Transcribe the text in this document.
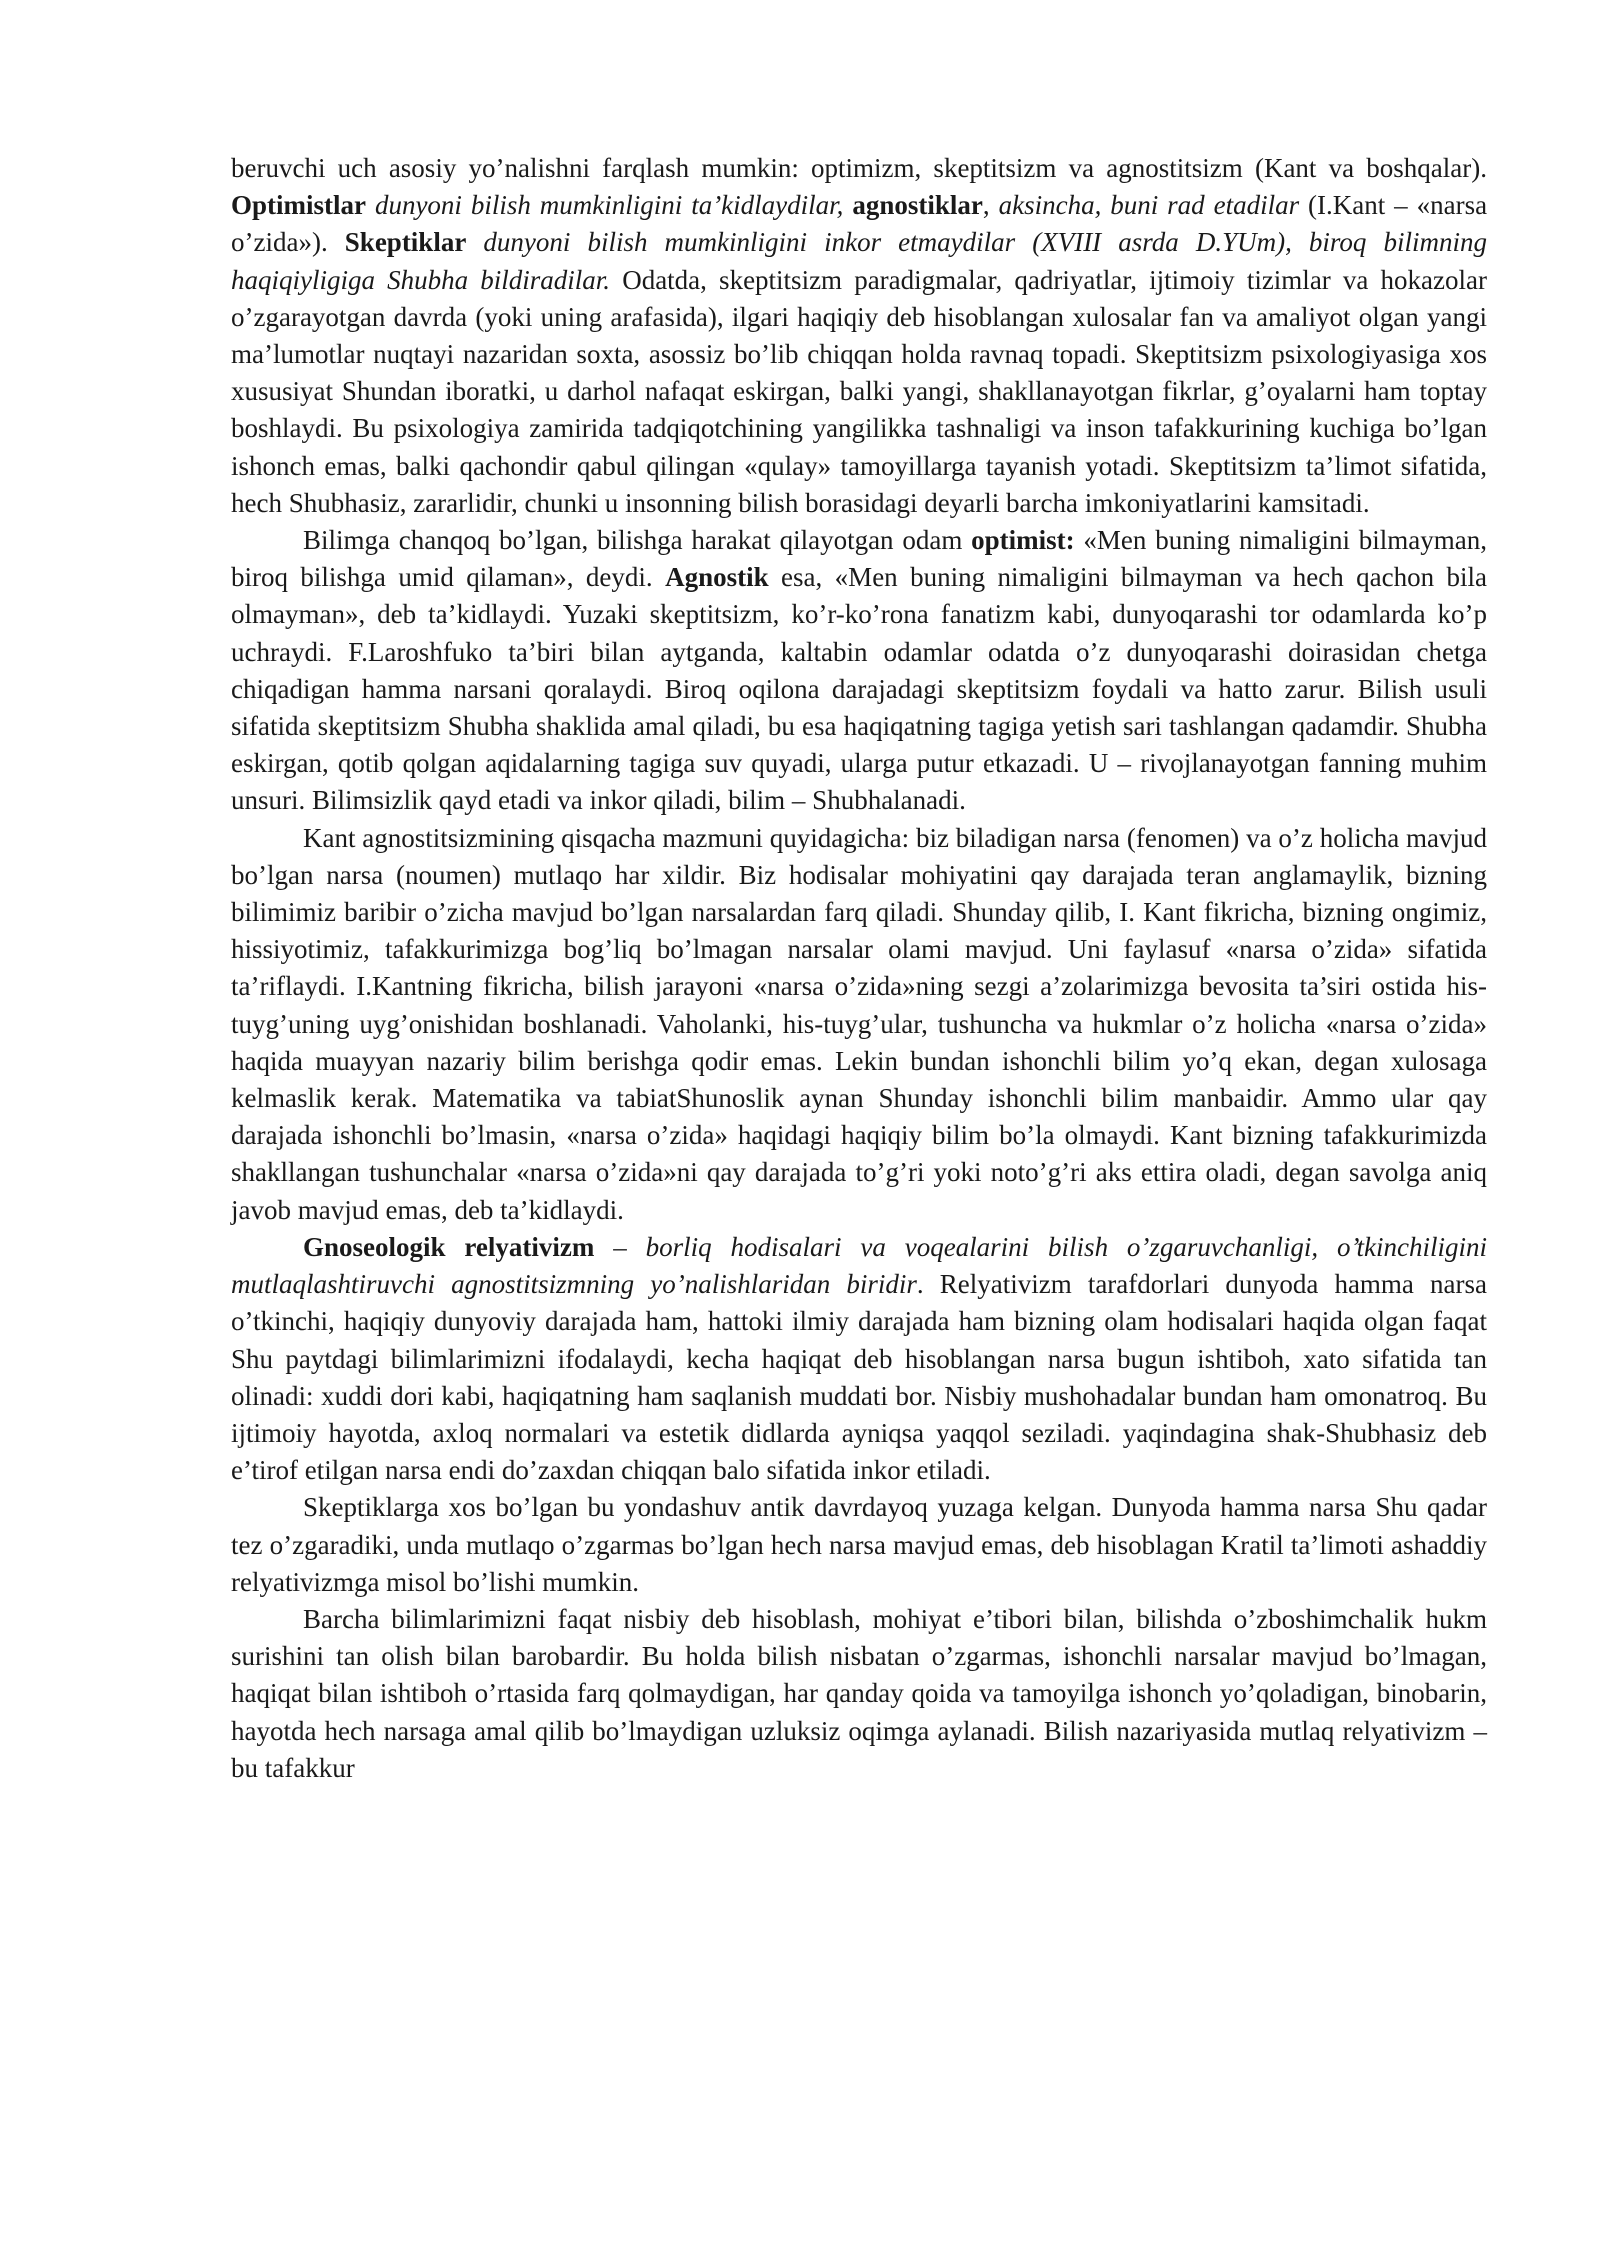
beruvchi uch asosiy yo’nalishni farqlash mumkin: optimizm, skeptitsizm va agnostitsizm (Kant va boshqalar). Optimistlar dunyoni bilish mumkinligini ta’kidlaydilar, agnostiklar, aksincha, buni rad etadilar (I.Kant – «narsa o’zida»). Skeptiklar dunyoni bilish mumkinligini inkor etmaydilar (XVIII asrda D.YUm), biroq bilimning haqiqiyligiga Shubha bildiradilar. Odatda, skeptitsizm paradigmalar, qadriyatlar, ijtimoiy tizimlar va hokazolar o’zgarayotgan davrda (yoki uning arafasida), ilgari haqiqiy deb hisoblangan xulosalar fan va amaliyot olgan yangi ma’lumotlar nuqtayi nazaridan soxta, asossiz bo’lib chiqqan holda ravnaq topadi. Skeptitsizm psixologiyasiga xos xususiyat Shundan iboratki, u darhol nafaqat eskirgan, balki yangi, shakllanayotgan fikrlar, g’oyalarni ham toptay boshlaydi. Bu psixologiya zamirida tadqiqotchining yangilikka tashnaligi va inson tafakkurining kuchiga bo’lgan ishonch emas, balki qachondir qabul qilingan «qulay» tamoyillarga tayanish yotadi. Skeptitsizm ta’limot sifatida, hech Shubhasiz, zararlidir, chunki u insonning bilish borasidagi deyarli barcha imkoniyatlarini kamsitadi.

Bilimga chanqoq bo’lgan, bilishga harakat qilayotgan odam optimist: «Men buning nimaligini bilmayman, biroq bilishga umid qilaman», deydi. Agnostik esa, «Men buning nimaligini bilmayman va hech qachon bila olmayman», deb ta’kidlaydi. Yuzaki skeptitsizm, ko’r-ko’rona fanatizm kabi, dunyoqarashi tor odamlarda ko’p uchraydi. F.Laroshfuko ta’biri bilan aytganda, kaltabin odamlar odatda o’z dunyoqarashi doirasidan chetga chiqadigan hamma narsani qoralaydi. Biroq oqilona darajadagi skeptitsizm foydali va hatto zarur. Bilish usuli sifatida skeptitsizm Shubha shaklida amal qiladi, bu esa haqiqatning tagiga yetish sari tashlangan qadamdir. Shubha eskirgan, qotib qolgan aqidalarning tagiga suv quyadi, ularga putur etkazadi. U – rivojlanayotgan fanning muhim unsuri. Bilimsizlik qayd etadi va inkor qiladi, bilim – Shubhalanadi.

Kant agnostitsizmining qisqacha mazmuni quyidagicha: biz biladigan narsa (fenomen) va o’z holicha mavjud bo’lgan narsa (noumen) mutlaqo har xildir. Biz hodisalar mohiyatini qay darajada teran anglamaylik, bizning bilimimiz baribir o’zicha mavjud bo’lgan narsalardan farq qiladi. Shunday qilib, I. Kant fikricha, bizning ongimiz, hissiyotimiz, tafakkurimizga bog’liq bo’lmagan narsalar olami mavjud. Uni faylasuf «narsa o’zida» sifatida ta’riflaydi. I.Kantning fikricha, bilish jarayoni «narsa o’zida»ning sezgi a’zolarimizga bevosita ta’siri ostida his-tuyg’uning uyg’onishidan boshlanadi. Vaholanki, his-tuyg’ular, tushuncha va hukmlar o’z holicha «narsa o’zida» haqida muayyan nazariy bilim berishga qodir emas. Lekin bundan ishonchli bilim yo’q ekan, degan xulosaga kelmaslik kerak. Matematika va tabiatShunoslik aynan Shunday ishonchli bilim manbaidir. Ammo ular qay darajada ishonchli bo’lmasin, «narsa o’zida» haqidagi haqiqiy bilim bo’la olmaydi. Kant bizning tafakkurimizda shakllangan tushunchalar «narsa o’zida»ni qay darajada to’g’ri yoki noto’g’ri aks ettira oladi, degan savolga aniq javob mavjud emas, deb ta’kidlaydi.

Gnoseologik relyativizm – borliq hodisalari va voqealarini bilish o’zgaruvchanligi, o’tkinchiligini mutlaqlashtiruvchi agnostitsizmning yo’nalishlaridan biridir. Relyativizm tarafdorlari dunyoda hamma narsa o’tkinchi, haqiqiy dunyoviy darajada ham, hattoki ilmiy darajada ham bizning olam hodisalari haqida olgan faqat Shu paytdagi bilimlarimizni ifodalaydi, kecha haqiqat deb hisoblangan narsa bugun ishtiboh, xato sifatida tan olinadi: xuddi dori kabi, haqiqatning ham saqlanish muddati bor. Nisbiy mushohadalar bundan ham omonatroq. Bu ijtimoiy hayotda, axloq normalari va estetik didlarda ayniqsa yaqqol seziladi. yaqindagina shak-Shubhasiz deb e’tirof etilgan narsa endi do’zaxdan chiqqan balo sifatida inkor etiladi.

Skeptiklarga xos bo’lgan bu yondashuv antik davrdayoq yuzaga kelgan. Dunyoda hamma narsa Shu qadar tez o’zgaradiki, unda mutlaqo o’zgarmas bo’lgan hech narsa mavjud emas, deb hisoblagan Kratil ta’limoti ashaddiy relyativizmga misol bo’lishi mumkin.

Barcha bilimlarimizni faqat nisbiy deb hisoblash, mohiyat e’tibori bilan, bilishda o’zboshimchalik hukm surishini tan olish bilan barobardir. Bu holda bilish nisbatan o’zgarmas, ishonchli narsalar mavjud bo’lmagan, haqiqat bilan ishtiboh o’rtasida farq qolmaydigan, har qanday qoida va tamoyilga ishonch yo’qoladigan, binobarin, hayotda hech narsaga amal qilib bo’lmaydigan uzluksiz oqimga aylanadi. Bilish nazariyasida mutlaq relyativizm – bu tafakkur
